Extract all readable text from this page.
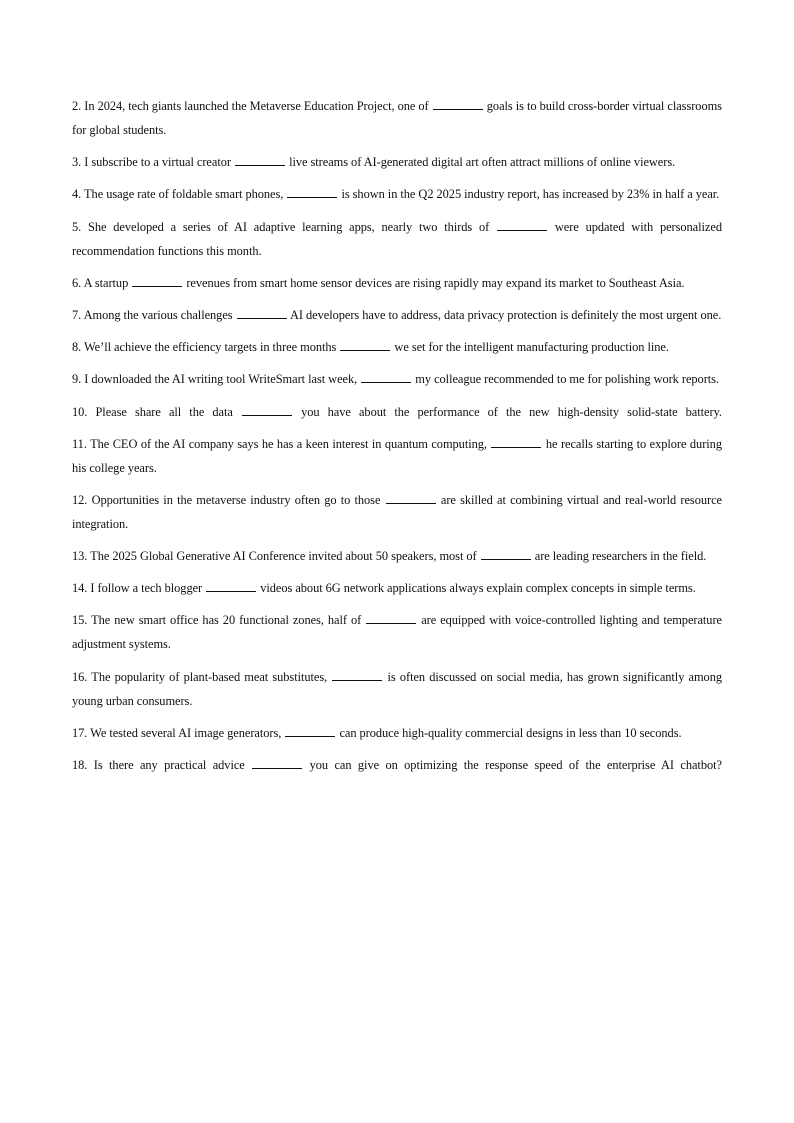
2. In 2024, tech giants launched the Metaverse Education Project, one of	goals is to build cross-border virtual classrooms for global students.

3. I subscribe to a virtual creator	live streams of AI-generated digital art often attract millions of online viewers.

4. The usage rate of foldable smart phones,	is shown in the Q2 2025 industry report, has increased by 23% in half a year.

5. She developed a series of AI adaptive learning apps, nearly two thirds of	were updated with personalized recommendation functions this month.

6. A startup	revenues from smart home sensor devices are rising rapidly may expand its market to Southeast Asia.

7. Among the various challenges	AI developers have to address, data privacy protection is definitely the most urgent one.

8. We’ll achieve the efficiency targets in three months	we set for the intelligent manufacturing production line.

9. I downloaded the AI writing tool WriteSmart last week,	my colleague recommended to me for polishing work reports.

10. Please share all the data	you have about the performance of the new high-density solid-state battery.

11. The CEO of the AI company says he has a keen interest in quantum computing,	he recalls starting to explore during his college years.

12. Opportunities in the metaverse industry often go to those	are skilled at combining virtual and real-world resource integration.

13. The 2025 Global Generative AI Conference invited about 50 speakers, most of	are leading researchers in the field.

14. I follow a tech blogger	videos about 6G network applications always explain complex concepts in simple terms.

15. The new smart office has 20 functional zones, half of	are equipped with voice-controlled lighting and temperature adjustment systems.

16. The popularity of plant-based meat substitutes,	is often discussed on social media, has grown significantly among young urban consumers.

17. We tested several AI image generators,	can produce high-quality commercial designs in less than 10 seconds.

18. Is there any practical advice	you can give on optimizing the response speed of the enterprise AI chatbot?
